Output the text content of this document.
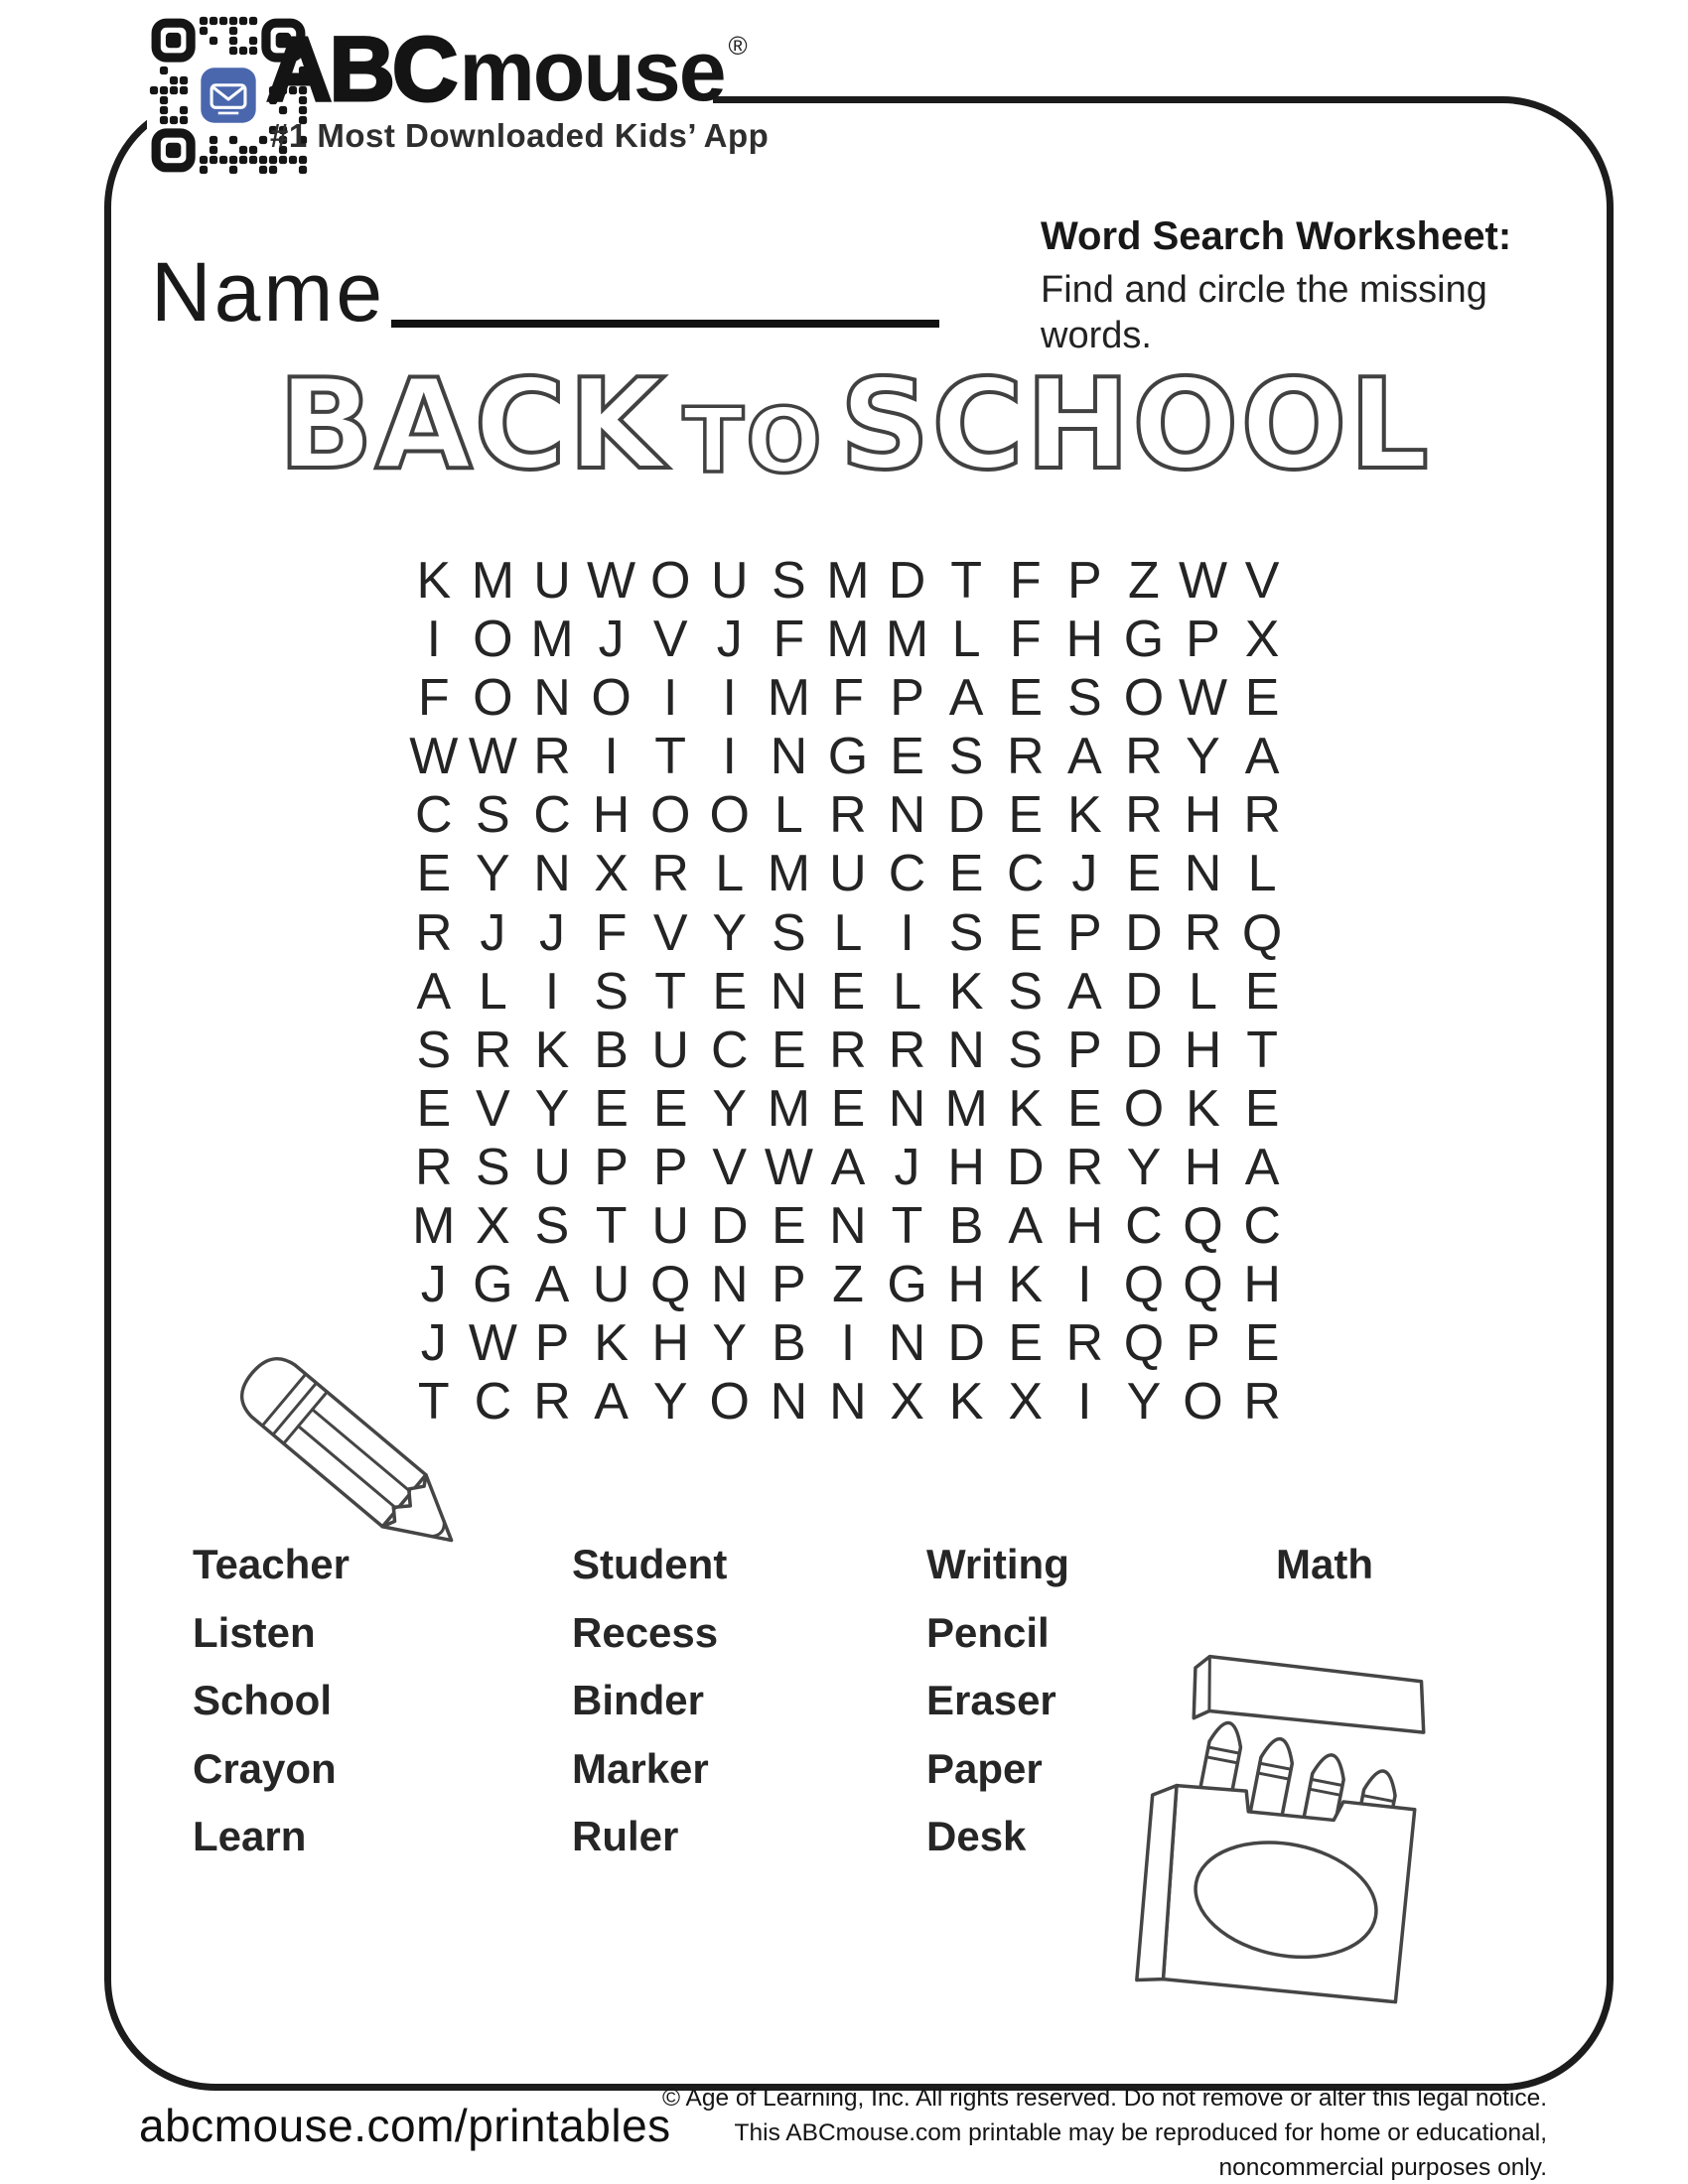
ABC mouse ®
#1 Most Downloaded Kids’ App
Name
Word Search Worksheet:
Find and circle the missing
words.
BACK TO SCHOOL
K M U W O U S M D T F P Z W V
I O M J V J F M M L F H G P X
F O N O I I M F P A E S O W E
W W R I T I N G E S R A R Y A
C S C H O O L R N D E K R H R
E Y N X R L M U C E C J E N L
R J J F V Y S L I S E P D R Q
A L I S T E N E L K S A D L E
S R K B U C E R R N S P D H T
E V Y E E Y M E N M K E O K E
R S U P P V W A J H D R Y H A
M X S T U D E N T B A H C Q C
J G A U Q N P Z G H K I Q Q H
J W P K H Y B I N D E R Q P E
T C R A Y O N N X K X I Y O R
Teacher
Listen
School
Crayon
Learn
Student
Recess
Binder
Marker
Ruler
Writing
Pencil
Eraser
Paper
Desk
Math
abcmouse.com/printables
© Age of Learning, Inc. All rights reserved. Do not remove or alter this legal notice.
This ABCmouse.com printable may be reproduced for home or educational, noncommercial purposes only.
